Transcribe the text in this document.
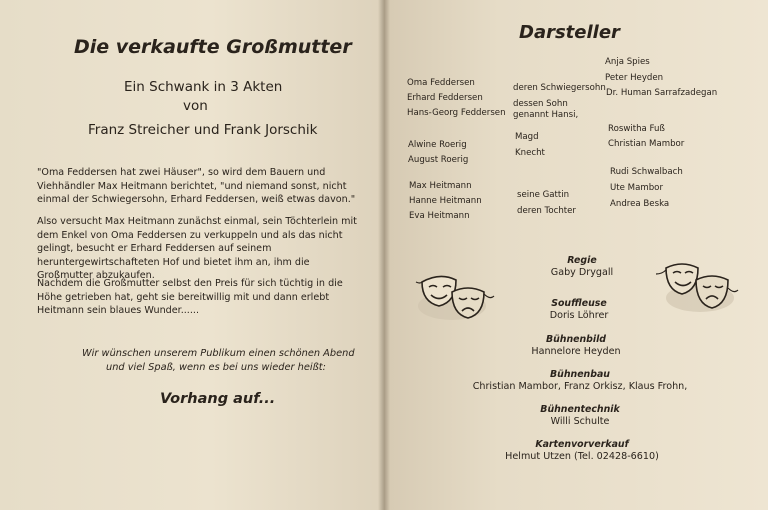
Die verkaufte Großmutter
Ein Schwank in 3 Akten
von
Franz Streicher und Frank Jorschik
"Oma Feddersen hat zwei Häuser", so wird dem Bauern und Viehhändler Max Heitmann berichtet, "und niemand sonst, nicht einmal der Schwiegersohn, Erhard Feddersen, weiß etwas davon."
Also versucht Max Heitmann zunächst einmal, sein Töchterlein mit dem Enkel von Oma Feddersen zu verkuppeln und als das nicht gelingt, besucht er Erhard Feddersen auf seinem heruntergewirtschafteten Hof und bietet ihm an, ihm die Großmutter abzukaufen.
Nachdem die Großmutter selbst den Preis für sich tüchtig in die Höhe getrieben hat, geht sie bereitwillig mit und dann erlebt Heitmann sein blaues Wunder......
Wir wünschen unserem Publikum einen schönen Abend
und viel Spaß, wenn es bei uns wieder heißt:
Vorhang auf...
Darsteller
Oma Feddersen
Erhard Feddersen
Hans-Georg Feddersen
Alwine Roerig
August Roerig
Max Heitmann
Hanne Heitmann
Eva Heitmann
deren Schwiegersohn
dessen Sohn
genannt Hansi,
Magd
Knecht
seine Gattin
deren Tochter
Anja Spies
Peter Heyden
Dr. Human Sarrafzadegan
Roswitha Fuß
Christian Mambor
Rudi Schwalbach
Ute Mambor
Andrea Beska
Regie
Gaby Drygall
Souffleuse
Doris Löhrer
Bühnenbild
Hannelore Heyden
Bühnenbau
Christian Mambor, Franz Orkisz, Klaus Frohn,
Bühnentechnik
Willi Schulte
Kartenvorverkauf
Helmut Utzen (Tel. 02428-6610)
